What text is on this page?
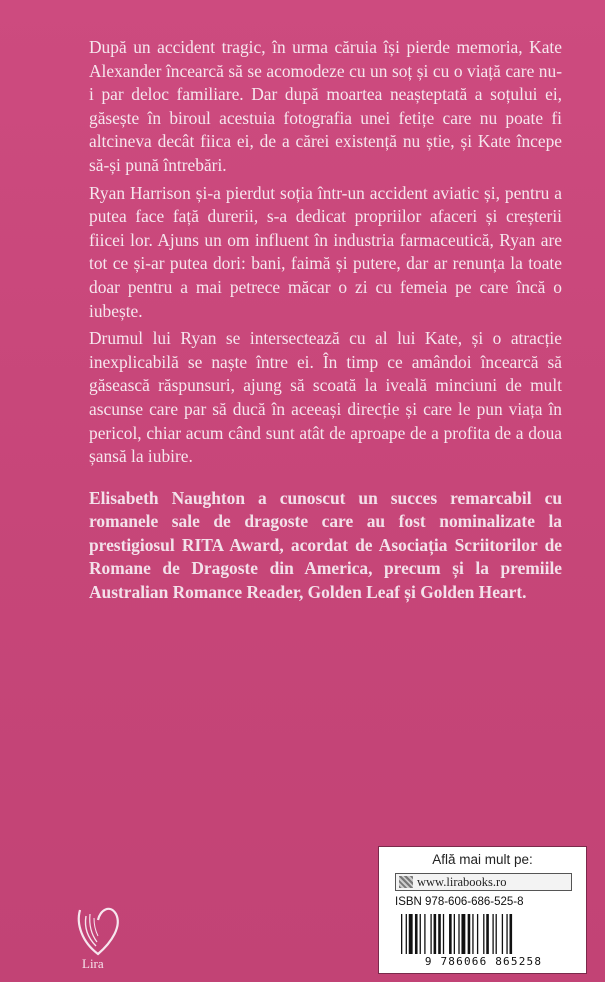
După un accident tragic, în urma căruia își pierde memoria, Kate Alexander încearcă să se acomodeze cu un soț și cu o viață care nu-i par deloc familiare. Dar după moartea neașteptată a soțului ei, găsește în biroul acestuia fotografia unei fetițe care nu poate fi altcineva decât fiica ei, de a cărei existență nu știe, și Kate începe să-și pună întrebări.

Ryan Harrison și-a pierdut soția într-un accident aviatic și, pentru a putea face față durerii, s-a dedicat propriilor afaceri și creșterii fiicei lor. Ajuns un om influent în industria farmaceutică, Ryan are tot ce și-ar putea dori: bani, faimă și putere, dar ar renunța la toate doar pentru a mai petrece măcar o zi cu femeia pe care încă o iubește.

Drumul lui Ryan se intersectează cu al lui Kate, și o atracție inexplicabilă se naște între ei. În timp ce amândoi încearcă să găsească răspunsuri, ajung să scoată la iveală minciuni de mult ascunse care par să ducă în aceeași direcție și care le pun viața în pericol, chiar acum când sunt atât de aproape de a profita de a doua șansă la iubire.

Elisabeth Naughton a cunoscut un succes remarcabil cu romanele sale de dragoste care au fost nominalizate la prestigiosul RITA Award, acordat de Asociația Scriitorilor de Romane de Dragoste din America, precum și la premiile Australian Romance Reader, Golden Leaf și Golden Heart.

Lira
Află mai mult pe:
www.lirabooks.ro
ISBN 978-606-686-525-8
9 786066 865258
